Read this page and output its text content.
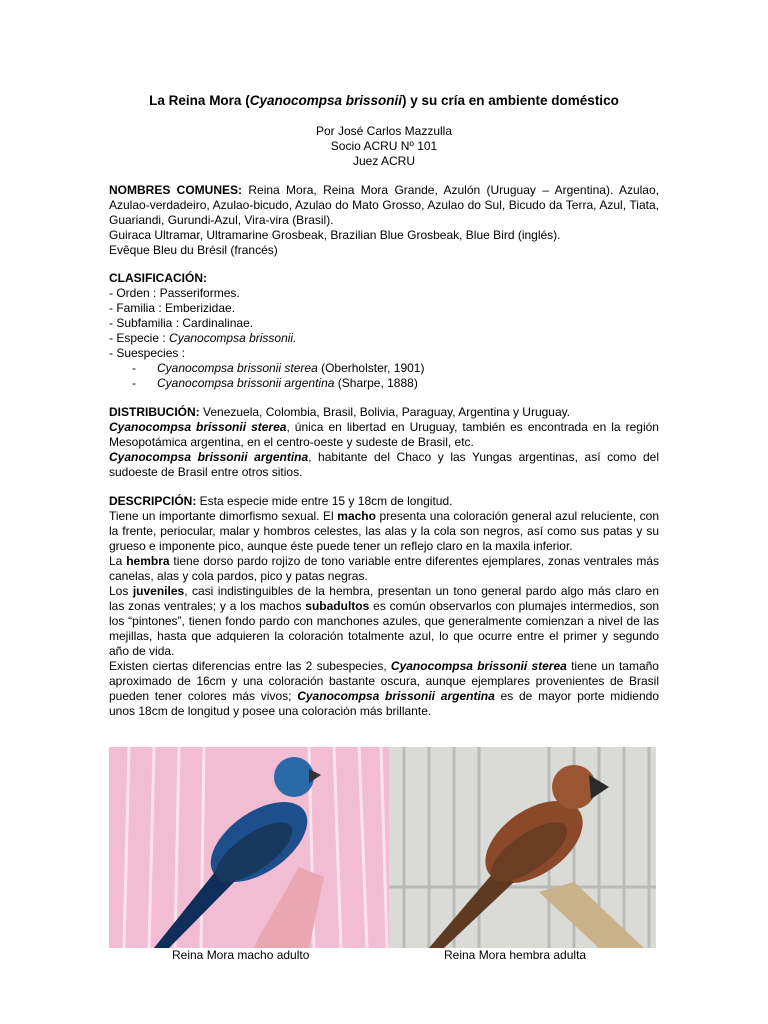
La Reina Mora (Cyanocompsa brissonii) y su cría en ambiente doméstico
Por José Carlos Mazzulla
Socio ACRU Nº 101
Juez ACRU
NOMBRES COMUNES: Reina Mora, Reina Mora Grande, Azulón (Uruguay – Argentina). Azulao, Azulao-verdadeiro, Azulao-bicudo, Azulao do Mato Grosso, Azulao do Sul, Bicudo da Terra, Azul, Tiata, Guariandi, Gurundi-Azul, Vira-vira (Brasil).
Guiraca Ultramar, Ultramarine Grosbeak, Brazilian Blue Grosbeak, Blue Bird (inglés).
Evêque Bleu du Brésil (francés)
CLASIFICACIÓN:
- Orden : Passeriformes.
- Familia : Emberizidae.
- Subfamilia : Cardinalinae.
- Especie : Cyanocompsa brissonii.
- Suespecies :
- Cyanocompsa brissonii sterea (Oberholster, 1901)
- Cyanocompsa brissonii argentina (Sharpe, 1888)
DISTRIBUCIÓN: Venezuela, Colombia, Brasil, Bolivia, Paraguay, Argentina y Uruguay.
Cyanocompsa brissonii sterea, única en libertad en Uruguay, también es encontrada en la región Mesopotámica argentina, en el centro-oeste y sudeste de Brasil, etc.
Cyanocompsa brissonii argentina, habitante del Chaco y las Yungas argentinas, así como del sudoeste de Brasil entre otros sitios.
DESCRIPCIÓN: Esta especie mide entre 15 y 18cm de longitud.
Tiene un importante dimorfismo sexual. El macho presenta una coloración general azul reluciente, con la frente, periocular, malar y hombros celestes, las alas y la cola son negros, así como sus patas y su grueso e imponente pico, aunque éste puede tener un reflejo claro en la maxila inferior.
La hembra tiene dorso pardo rojizo de tono variable entre diferentes ejemplares, zonas ventrales más canelas, alas y cola pardos, pico y patas negras.
Los juveniles, casi indistinguibles de la hembra, presentan un tono general pardo algo más claro en las zonas ventrales; y a los machos subadultos es común observarlos con plumajes intermedios, son los “pintones”, tienen fondo pardo con manchones azules, que generalmente comienzan a nivel de las mejillas, hasta que adquieren la coloración totalmente azul, lo que ocurre entre el primer y segundo año de vida.
Existen ciertas diferencias entre las 2 subespecies, Cyanocompsa brissonii sterea tiene un tamaño aproximado de 16cm y una coloración bastante oscura, aunque ejemplares provenientes de Brasil pueden tener colores más vivos; Cyanocompsa brissonii argentina es de mayor porte midiendo unos 18cm de longitud y posee una coloración más brillante.
Reina Mora macho adulto	Reina Mora hembra adulta
